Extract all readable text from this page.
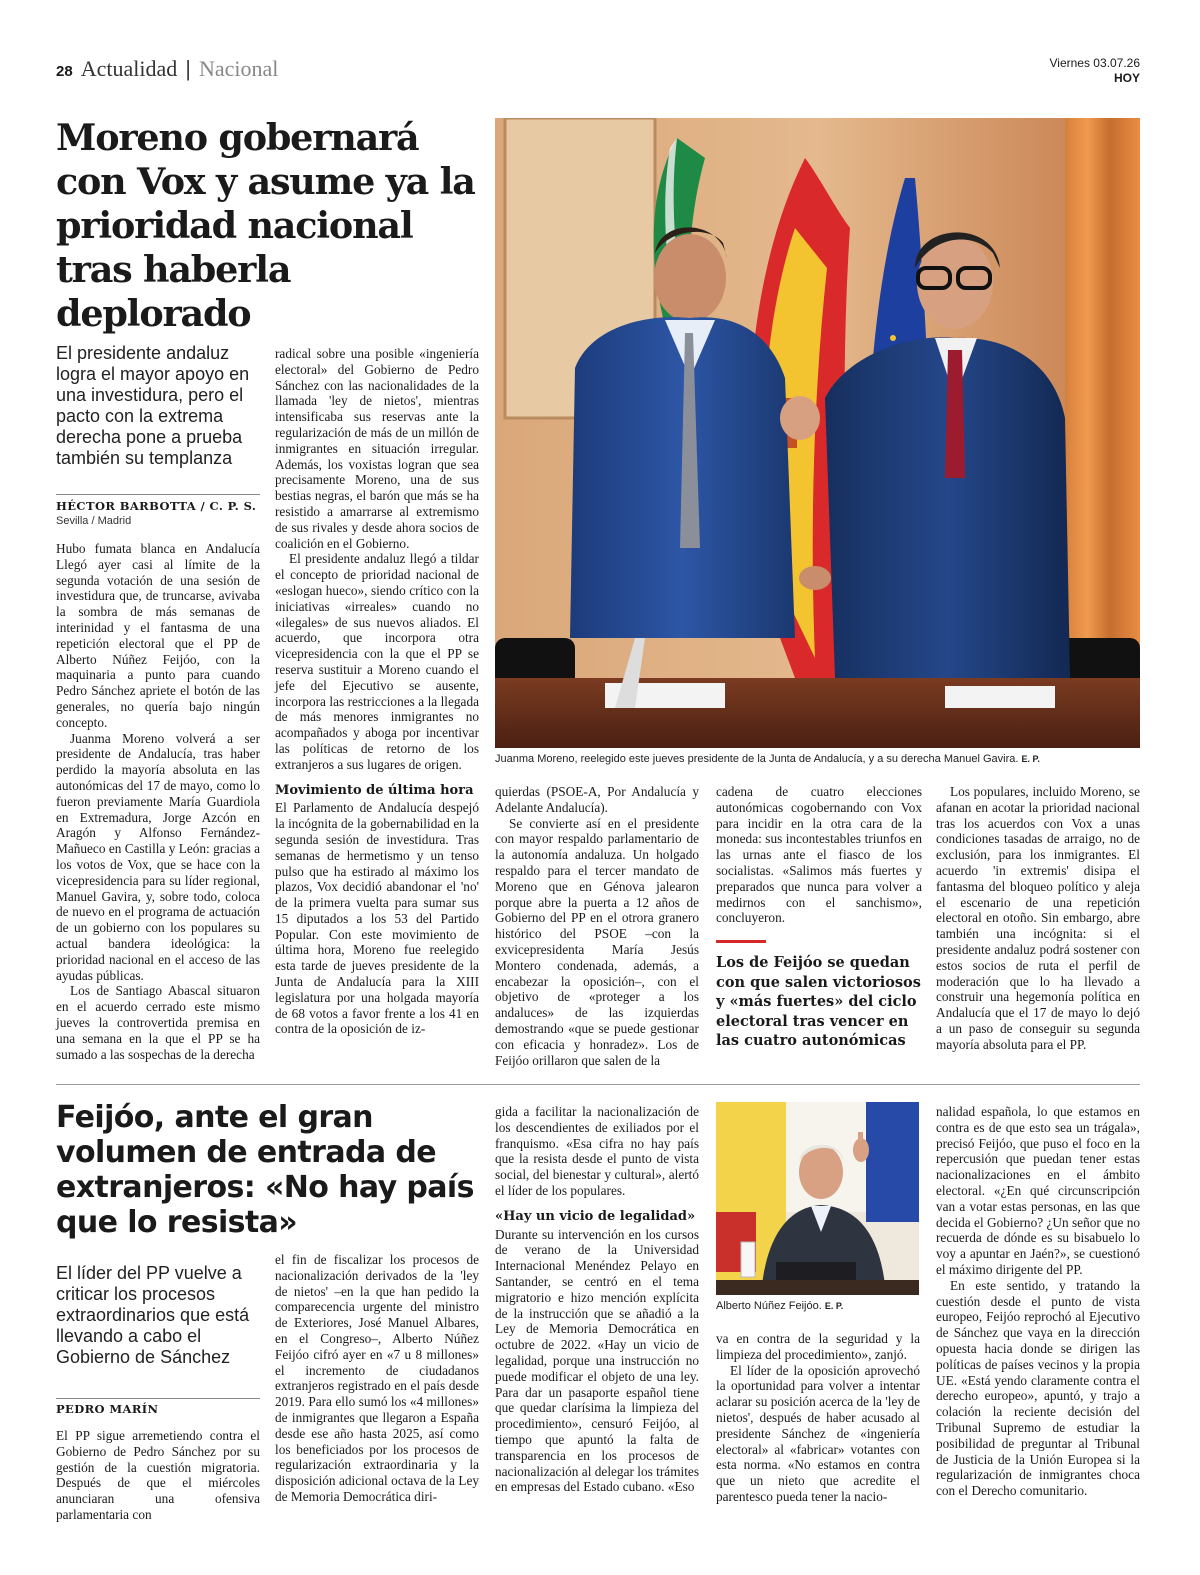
28 Actualidad | Nacional	Viernes 03.07.26
HOY
Moreno gobernará con Vox y asume ya la prioridad nacional tras haberla deplorado
El presidente andaluz logra el mayor apoyo en una investidura, pero el pacto con la extrema derecha pone a prueba también su templanza
HÉCTOR BARBOTTA / C. P. S.
Sevilla / Madrid

Hubo fumata blanca en Andalucía Llegó ayer casi al límite de la segunda votación de una sesión de investidura que, de truncarse, avivaba la sombra de más semanas de interinidad y el fantasma de una repetición electoral que el PP de Alberto Núñez Feijóo, con la maquinaria a punto para cuando Pedro Sánchez apriete el botón de las generales, no quería bajo ningún concepto.

Juanma Moreno volverá a ser presidente de Andalucía, tras haber perdido la mayoría absoluta en las autonómicas del 17 de mayo, como lo fueron previamente María Guardiola en Extremadura, Jorge Azcón en Aragón y Alfonso Fernández-Mañueco en Castilla y León: gracias a los votos de Vox, que se hace con la vicepresidencia para su líder regional, Manuel Gavira, y, sobre todo, coloca de nuevo en el programa de actuación de un gobierno con los populares su actual bandera ideológica: la prioridad nacional en el acceso de las ayudas públicas.

Los de Santiago Abascal situaron en el acuerdo cerrado este mismo jueves la controvertida premisa en una semana en la que el PP se ha sumado a las sospechas de la derecha

radical sobre una posible «ingeniería electoral» del Gobierno de Pedro Sánchez con las nacionalidades de la llamada 'ley de nietos', mientras intensificaba sus reservas ante la regularización de más de un millón de inmigrantes en situación irregular. Además, los voxistas logran que sea precisamente Moreno, una de sus bestias negras, el barón que más se ha resistido a amarrarse al extremismo de sus rivales y desde ahora socios de coalición en el Gobierno.

El presidente andaluz llegó a tildar el concepto de prioridad nacional de «eslogan hueco», siendo crítico con la iniciativas «irreales» cuando no «ilegales» de sus nuevos aliados. El acuerdo, que incorpora otra vicepresidencia con la que el PP se reserva sustituir a Moreno cuando el jefe del Ejecutivo se ausente, incorpora las restricciones a la llegada de más menores inmigrantes no acompañados y aboga por incentivar las políticas de retorno de los extranjeros a sus lugares de origen.

Movimiento de última hora

El Parlamento de Andalucía despejó la incógnita de la gobernabilidad en la segunda sesión de investidura. Tras semanas de hermetismo y un tenso pulso que ha estirado al máximo los plazos, Vox decidió abandonar el 'no' de la primera vuelta para sumar sus 15 diputados a los 53 del Partido Popular. Con este movimiento de última hora, Moreno fue reelegido esta tarde de jueves presidente de la Junta de Andalucía para la XIII legislatura por una holgada mayoría de 68 votos a favor frente a los 41 en contra de la oposición de iz-

Juanma Moreno, reelegido este jueves presidente de la Junta de Andalucía, y a su derecha Manuel Gavira. E. P.

quierdas (PSOE-A, Por Andalucía y Adelante Andalucía).

Se convierte así en el presidente con mayor respaldo parlamentario de la autonomía andaluza. Un holgado respaldo para el tercer mandato de Moreno que en Génova jalearon porque abre la puerta a 12 años de Gobierno del PP en el otrora granero histórico del PSOE –con la exvicepresidenta María Jesús Montero condenada, además, a encabezar la oposición–, con el objetivo de «proteger a los andaluces» de las izquierdas demostrando «que se puede gestionar con eficacia y honradez». Los de Feijóo orillaron que salen de la

cadena de cuatro elecciones autonómicas cogobernando con Vox para incidir en la otra cara de la moneda: sus incontestables triunfos en las urnas ante el fiasco de los socialistas. «Salimos más fuertes y preparados que nunca para volver a medirnos con el sanchismo», concluyeron.

Los de Feijóo se quedan con que salen victoriosos y «más fuertes» del ciclo electoral tras vencer en las cuatro autonómicas

Los populares, incluido Moreno, se afanan en acotar la prioridad nacional tras los acuerdos con Vox a unas condiciones tasadas de arraigo, no de exclusión, para los inmigrantes. El acuerdo 'in extremis' disipa el fantasma del bloqueo político y aleja el escenario de una repetición electoral en otoño. Sin embargo, abre también una incógnita: si el presidente andaluz podrá sostener con estos socios de ruta el perfil de moderación que lo ha llevado a construir una hegemonía política en Andalucía que el 17 de mayo lo dejó a un paso de conseguir su segunda mayoría absoluta para el PP.

Feijóo, ante el gran volumen de entrada de extranjeros: «No hay país que lo resista»
El líder del PP vuelve a criticar los procesos extraordinarios que está llevando a cabo el Gobierno de Sánchez
PEDRO MARÍN

El PP sigue arremetiendo contra el Gobierno de Pedro Sánchez por su gestión de la cuestión migratoria. Después de que el miércoles anunciaran una ofensiva parlamentaria con

el fin de fiscalizar los procesos de nacionalización derivados de la 'ley de nietos' –en la que han pedido la comparecencia urgente del ministro de Exteriores, José Manuel Albares, en el Congreso–, Alberto Núñez Feijóo cifró ayer en «7 u 8 millones» el incremento de ciudadanos extranjeros registrado en el país desde 2019. Para ello sumó los «4 millones» de inmigrantes que llegaron a España desde ese año hasta 2025, así como los beneficiados por los procesos de regularización extraordinaria y la disposición adicional octava de la Ley de Memoria Democrática diri-

gida a facilitar la nacionalización de los descendientes de exiliados por el franquismo. «Esa cifra no hay país que la resista desde el punto de vista social, del bienestar y cultural», alertó el líder de los populares.

«Hay un vicio de legalidad»

Durante su intervención en los cursos de verano de la Universidad Internacional Menéndez Pelayo en Santander, se centró en el tema migratorio e hizo mención explícita de la instrucción que se añadió a la Ley de Memoria Democrática en octubre de 2022. «Hay un vicio de legalidad, porque una instrucción no puede modificar el objeto de una ley. Para dar un pasaporte español tiene que quedar clarísima la limpieza del procedimiento», censuró Feijóo, al tiempo que apuntó la falta de transparencia en los procesos de nacionalización al delegar los trámites en empresas del Estado cubano. «Eso

Alberto Núñez Feijóo. E. P.

va en contra de la seguridad y la limpieza del procedimiento», zanjó.

El líder de la oposición aprovechó la oportunidad para volver a intentar aclarar su posición acerca de la 'ley de nietos', después de haber acusado al presidente Sánchez de «ingeniería electoral» al «fabricar» votantes con esta norma. «No estamos en contra que un nieto que acredite el parentesco pueda tener la nacio-

nalidad española, lo que estamos en contra es de que esto sea un trágala», precisó Feijóo, que puso el foco en la repercusión que puedan tener estas nacionalizaciones en el ámbito electoral. «¿En qué circunscripción van a votar estas personas, en las que decida el Gobierno? ¿Un señor que no recuerda de dónde es su bisabuelo lo voy a apuntar en Jaén?», se cuestionó el máximo dirigente del PP.

En este sentido, y tratando la cuestión desde el punto de vista europeo, Feijóo reprochó al Ejecutivo de Sánchez que vaya en la dirección opuesta hacia donde se dirigen las políticas de países vecinos y la propia UE. «Está yendo claramente contra el derecho europeo», apuntó, y trajo a colación la reciente decisión del Tribunal Supremo de estudiar la posibilidad de preguntar al Tribunal de Justicia de la Unión Europea si la regularización de inmigrantes choca con el Derecho comunitario.
